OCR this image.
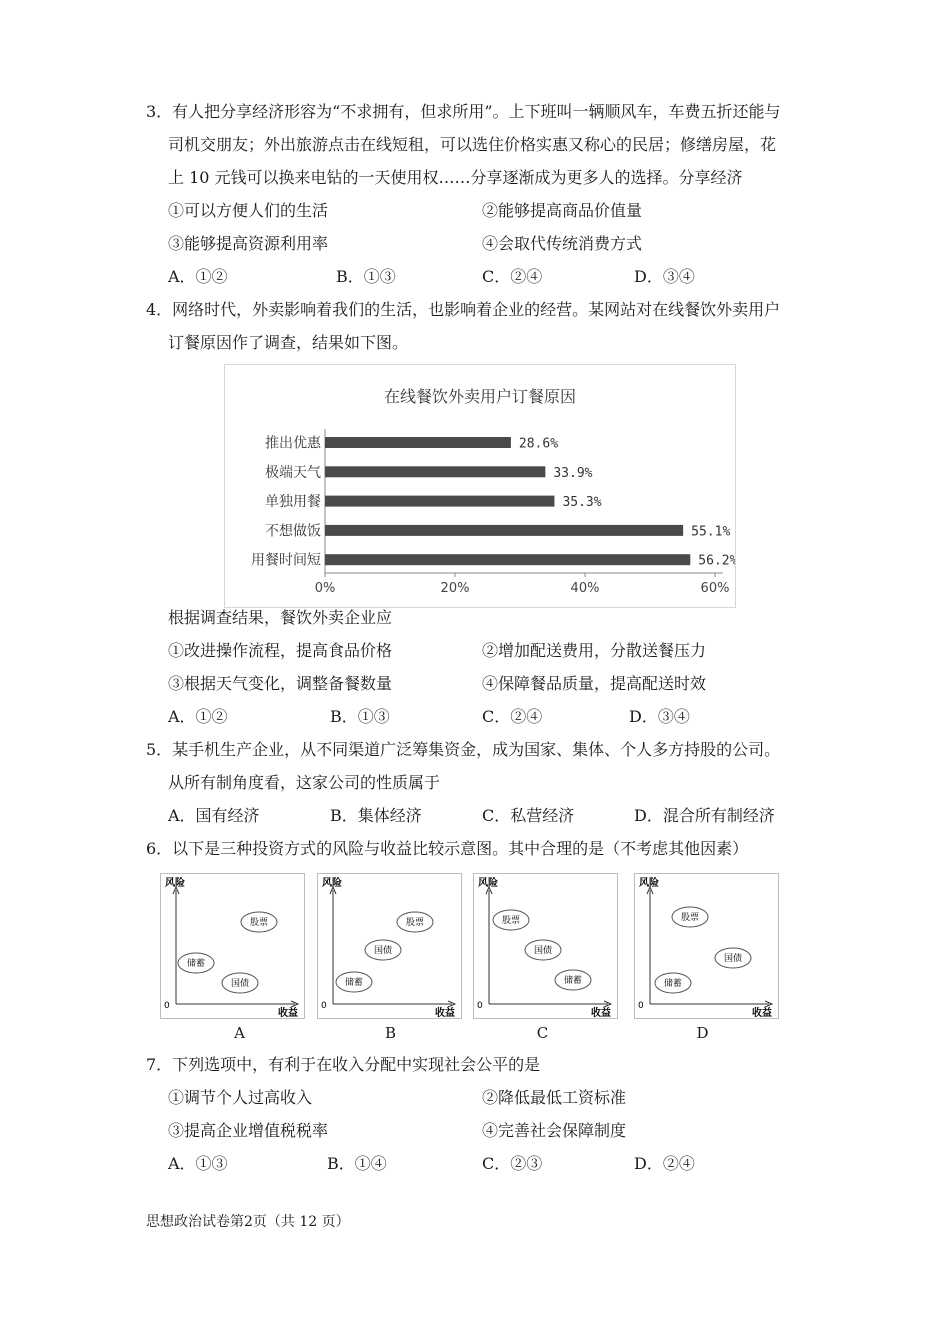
3．有人把分享经济形容为“不求拥有，但求所用”。上下班叫一辆顺风车，车费五折还能与
司机交朋友；外出旅游点击在线短租，可以选住价格实惠又称心的民居；修缮房屋，花
上 10 元钱可以换来电钻的一天使用权……分享逐渐成为更多人的选择。分享经济
①可以方便人们的生活	②能够提高商品价值量
③能够提高资源利用率	④会取代传统消费方式
A．①②	B．①③	C．②④	D．③④
4．网络时代，外卖影响着我们的生活，也影响着企业的经营。某网站对在线餐饮外卖用户
订餐原因作了调查，结果如下图。
在线餐饮外卖用户订餐原因
推出优惠	28.6%
极端天气	33.9%
单独用餐	35.3%
不想做饭	55.1%
用餐时间短	56.2%
0%	20%	40%	60%
根据调查结果，餐饮外卖企业应
①改进操作流程，提高食品价格	②增加配送费用，分散送餐压力
③根据天气变化，调整备餐数量	④保障餐品质量，提高配送时效
A．①②	B．①③	C．②④	D．③④
5．某手机生产企业，从不同渠道广泛筹集资金，成为国家、集体、个人多方持股的公司。
从所有制角度看，这家公司的性质属于
A．国有经济	B．集体经济	C．私营经济	D．混合所有制经济
6．以下是三种投资方式的风险与收益比较示意图。其中合理的是（不考虑其他因素）
风险
收益
0
股票
储蓄
国债
A
风险
收益
0
股票
国债
储蓄
B
风险
收益
0
股票
国债
储蓄
C
风险
收益
0
股票
国债
储蓄
D
7．下列选项中，有利于在收入分配中实现社会公平的是
①调节个人过高收入	②降低最低工资标准
③提高企业增值税税率	④完善社会保障制度
A．①③	B．①④	C．②③	D．②④
思想政治试卷第2页（共 12 页）
